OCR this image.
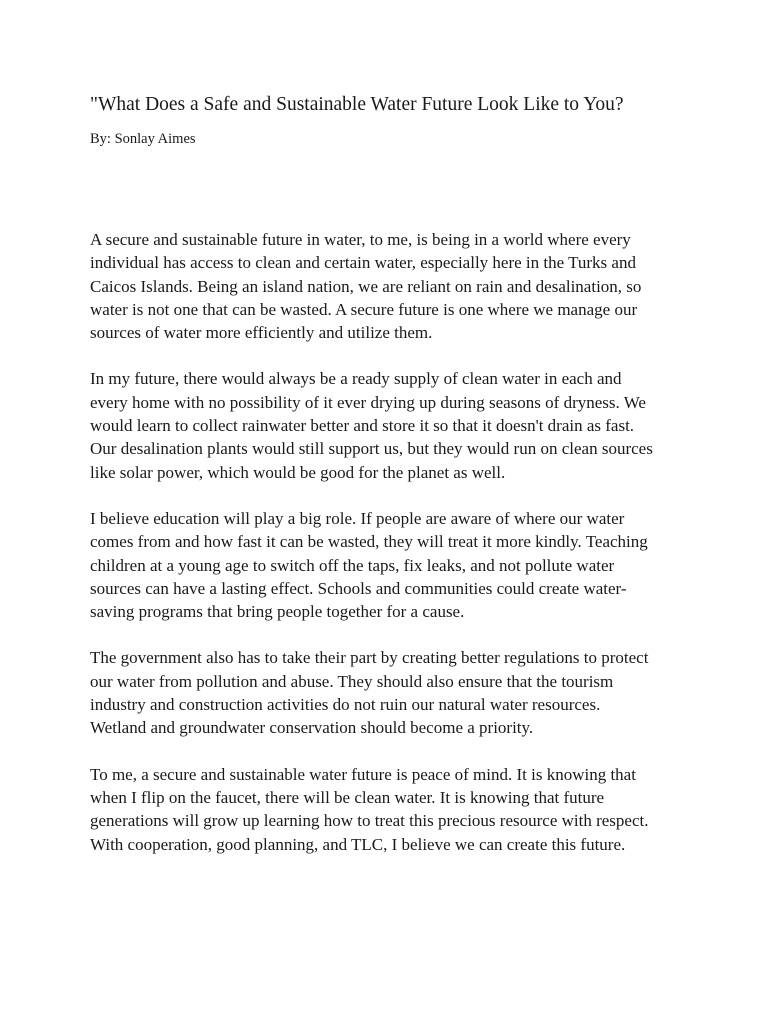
"What Does a Safe and Sustainable Water Future Look Like to You?

By: Sonlay Aimes

A secure and sustainable future in water, to me, is being in a world where every
individual has access to clean and certain water, especially here in the Turks and
Caicos Islands. Being an island nation, we are reliant on rain and desalination, so
water is not one that can be wasted. A secure future is one where we manage our
sources of water more efficiently and utilize them.

In my future, there would always be a ready supply of clean water in each and
every home with no possibility of it ever drying up during seasons of dryness. We
would learn to collect rainwater better and store it so that it doesn't drain as fast.
Our desalination plants would still support us, but they would run on clean sources
like solar power, which would be good for the planet as well.

I believe education will play a big role. If people are aware of where our water
comes from and how fast it can be wasted, they will treat it more kindly. Teaching
children at a young age to switch off the taps, fix leaks, and not pollute water
sources can have a lasting effect. Schools and communities could create water-
saving programs that bring people together for a cause.

The government also has to take their part by creating better regulations to protect
our water from pollution and abuse. They should also ensure that the tourism
industry and construction activities do not ruin our natural water resources.
Wetland and groundwater conservation should become a priority.

To me, a secure and sustainable water future is peace of mind. It is knowing that
when I flip on the faucet, there will be clean water. It is knowing that future
generations will grow up learning how to treat this precious resource with respect.
With cooperation, good planning, and TLC, I believe we can create this future.
